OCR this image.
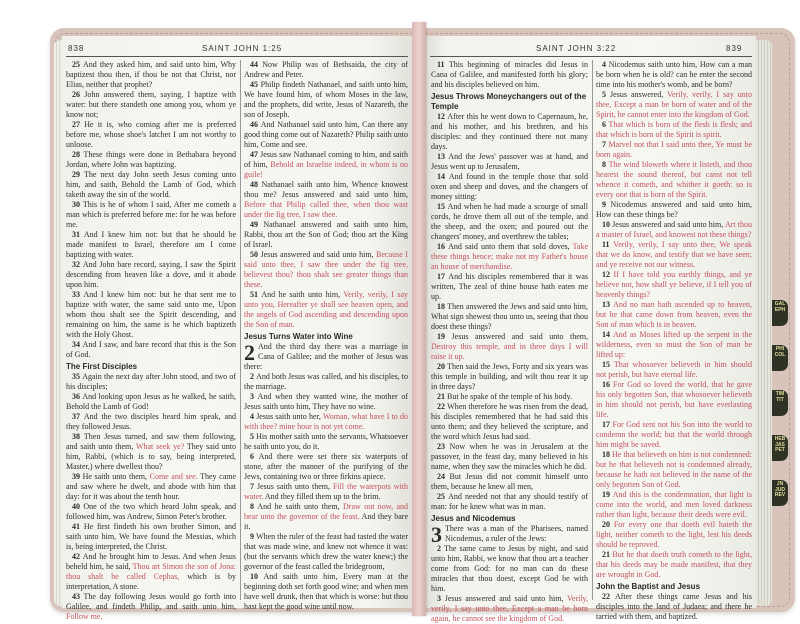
838	SAINT JOHN 1:25

25 And they asked him, and said unto him, Why baptizest thou then, if thou be not that Christ, nor Elias, neither that prophet?

26 John answered them, saying, I baptize with water: but there standeth one among you, whom ye know not;

27 He it is, who coming after me is preferred before me, whose shoe's latchet I am not worthy to unloose.

28 These things were done in Bethabara beyond Jordan, where John was baptizing.

29 The next day John seeth Jesus coming unto him, and saith, Behold the Lamb of God, which taketh away the sin of the world.

30 This is he of whom I said, After me cometh a man which is preferred before me: for he was before me.

31 And I knew him not: but that he should be made manifest to Israel, therefore am I come baptizing with water.

32 And John bare record, saying, I saw the Spirit descending from heaven like a dove, and it abode upon him.

33 And I knew him not: but he that sent me to baptize with water, the same said unto me, Upon whom thou shalt see the Spirit descending, and remaining on him, the same is he which baptizeth with the Holy Ghost.

34 And I saw, and bare record that this is the Son of God.

The First Disciples

35 Again the next day after John stood, and two of his disciples;

36 And looking upon Jesus as he walked, he saith, Behold the Lamb of God!

37 And the two disciples heard him speak, and they followed Jesus.

38 Then Jesus turned, and saw them following, and saith unto them, What seek ye? They said unto him, Rabbi, (which is to say, being interpreted, Master,) where dwellest thou?

39 He saith unto them, Come and see. They came and saw where he dwelt, and abode with him that day: for it was about the tenth hour.

40 One of the two which heard John speak, and followed him, was Andrew, Simon Peter's brother.

41 He first findeth his own brother Simon, and saith unto him, We have found the Messias, which is, being interpreted, the Christ.

42 And he brought him to Jesus. And when Jesus beheld him, he said, Thou art Simon the son of Jona: thou shalt be called Cephas, which is by interpretation, A stone.

43 The day following Jesus would go forth into Galilee, and findeth Philip, and saith unto him, Follow me.

44 Now Philip was of Bethsaida, the city of Andrew and Peter.

45 Philip findeth Nathanael, and saith unto him, We have found him, of whom Moses in the law, and the prophets, did write, Jesus of Nazareth, the son of Joseph.

46 And Nathanael said unto him, Can there any good thing come out of Nazareth? Philip saith unto him, Come and see.

47 Jesus saw Nathanael coming to him, and saith of him, Behold an Israelite indeed, in whom is no guile!

48 Nathanael saith unto him, Whence knowest thou me? Jesus answered and said unto him, Before that Philip called thee, when thou wast under the fig tree, I saw thee.

49 Nathanael answered and saith unto him, Rabbi, thou art the Son of God; thou art the King of Israel.

50 Jesus answered and said unto him, Because I said unto thee, I saw thee under the fig tree, believest thou? thou shalt see greater things than these.

51 And he saith unto him, Verily, verily, I say unto you, Hereafter ye shall see heaven open, and the angels of God ascending and descending upon the Son of man.

Jesus Turns Water into Wine

2 And the third day there was a marriage in Cana of Galilee; and the mother of Jesus was there:

2 And both Jesus was called, and his disciples, to the marriage.

3 And when they wanted wine, the mother of Jesus saith unto him, They have no wine.

4 Jesus saith unto her, Woman, what have I to do with thee? mine hour is not yet come.

5 His mother saith unto the servants, Whatsoever he saith unto you, do it.

6 And there were set there six waterpots of stone, after the manner of the purifying of the Jews, containing two or three firkins apiece.

7 Jesus saith unto them, Fill the waterpots with water. And they filled them up to the brim.

8 And he saith unto them, Draw out now, and bear unto the governor of the feast. And they bare it.

9 When the ruler of the feast had tasted the water that was made wine, and knew not whence it was: (but the servants which drew the water knew;) the governor of the feast called the bridegroom,

10 And saith unto him, Every man at the beginning doth set forth good wine; and when men have well drunk, then that which is worse: but thou hast kept the good wine until now.

SAINT JOHN 3:22	839

11 This beginning of miracles did Jesus in Cana of Galilee, and manifested forth his glory; and his disciples believed on him.

Jesus Throws Moneychangers out of the Temple

12 After this he went down to Capernaum, he, and his mother, and his brethren, and his disciples: and they continued there not many days.

13 And the Jews' passover was at hand, and Jesus went up to Jerusalem,

14 And found in the temple those that sold oxen and sheep and doves, and the changers of money sitting:

15 And when he had made a scourge of small cords, he drove them all out of the temple, and the sheep, and the oxen; and poured out the changers' money, and overthrew the tables;

16 And said unto them that sold doves, Take these things hence; make not my Father's house an house of merchandise.

17 And his disciples remembered that it was written, The zeal of thine house hath eaten me up.

18 Then answered the Jews and said unto him, What sign shewest thou unto us, seeing that thou doest these things?

19 Jesus answered and said unto them, Destroy this temple, and in three days I will raise it up.

20 Then said the Jews, Forty and six years was this temple in building, and wilt thou rear it up in three days?

21 But he spake of the temple of his body.

22 When therefore he was risen from the dead, his disciples remembered that he had said this unto them; and they believed the scripture, and the word which Jesus had said.

23 Now when he was in Jerusalem at the passover, in the feast day, many believed in his name, when they saw the miracles which he did.

24 But Jesus did not commit himself unto them, because he knew all men,

25 And needed not that any should testify of man: for he knew what was in man.

Jesus and Nicodemus

3 There was a man of the Pharisees, named Nicodemus, a ruler of the Jews:

2 The same came to Jesus by night, and said unto him, Rabbi, we know that thou art a teacher come from God: for no man can do these miracles that thou doest, except God be with him.

3 Jesus answered and said unto him, Verily, verily, I say unto thee, Except a man be born again, he cannot see the kingdom of God.

4 Nicodemus saith unto him, How can a man be born when he is old? can he enter the second time into his mother's womb, and be born?

5 Jesus answered, Verily, verily, I say unto thee, Except a man be born of water and of the Spirit, he cannot enter into the kingdom of God.

6 That which is born of the flesh is flesh; and that which is born of the Spirit is spirit.

7 Marvel not that I said unto thee, Ye must be born again.

8 The wind bloweth where it listeth, and thou hearest the sound thereof, but canst not tell whence it cometh, and whither it goeth: so is every one that is born of the Spirit.

9 Nicodemus answered and said unto him, How can these things be?

10 Jesus answered and said unto him, Art thou a master of Israel, and knowest not these things?

11 Verily, verily, I say unto thee, We speak that we do know, and testify that we have seen; and ye receive not our witness.

12 If I have told you earthly things, and ye believe not, how shall ye believe, if I tell you of heavenly things?

13 And no man hath ascended up to heaven, but he that came down from heaven, even the Son of man which is in heaven.

14 And as Moses lifted up the serpent in the wilderness, even so must the Son of man be lifted up:

15 That whosoever believeth in him should not perish, but have eternal life.

16 For God so loved the world, that he gave his only begotten Son, that whosoever believeth in him should not perish, but have everlasting life.

17 For God sent not his Son into the world to condemn the world; but that the world through him might be saved.

18 He that believeth on him is not condemned: but he that believeth not is condemned already, because he hath not believed in the name of the only begotten Son of God.

19 And this is the condemnation, that light is come into the world, and men loved darkness rather than light, because their deeds were evil.

20 For every one that doeth evil hateth the light, neither cometh to the light, lest his deeds should be reproved.

21 But he that doeth truth cometh to the light, that his deeds may be made manifest, that they are wrought in God.

John the Baptist and Jesus

22 After these things came Jesus and his disciples into the land of Judaea; and there he tarried with them, and baptized.

GAL EPH
PHI COL
TIM TIT
HEB JAS PET
JN JUD REV
